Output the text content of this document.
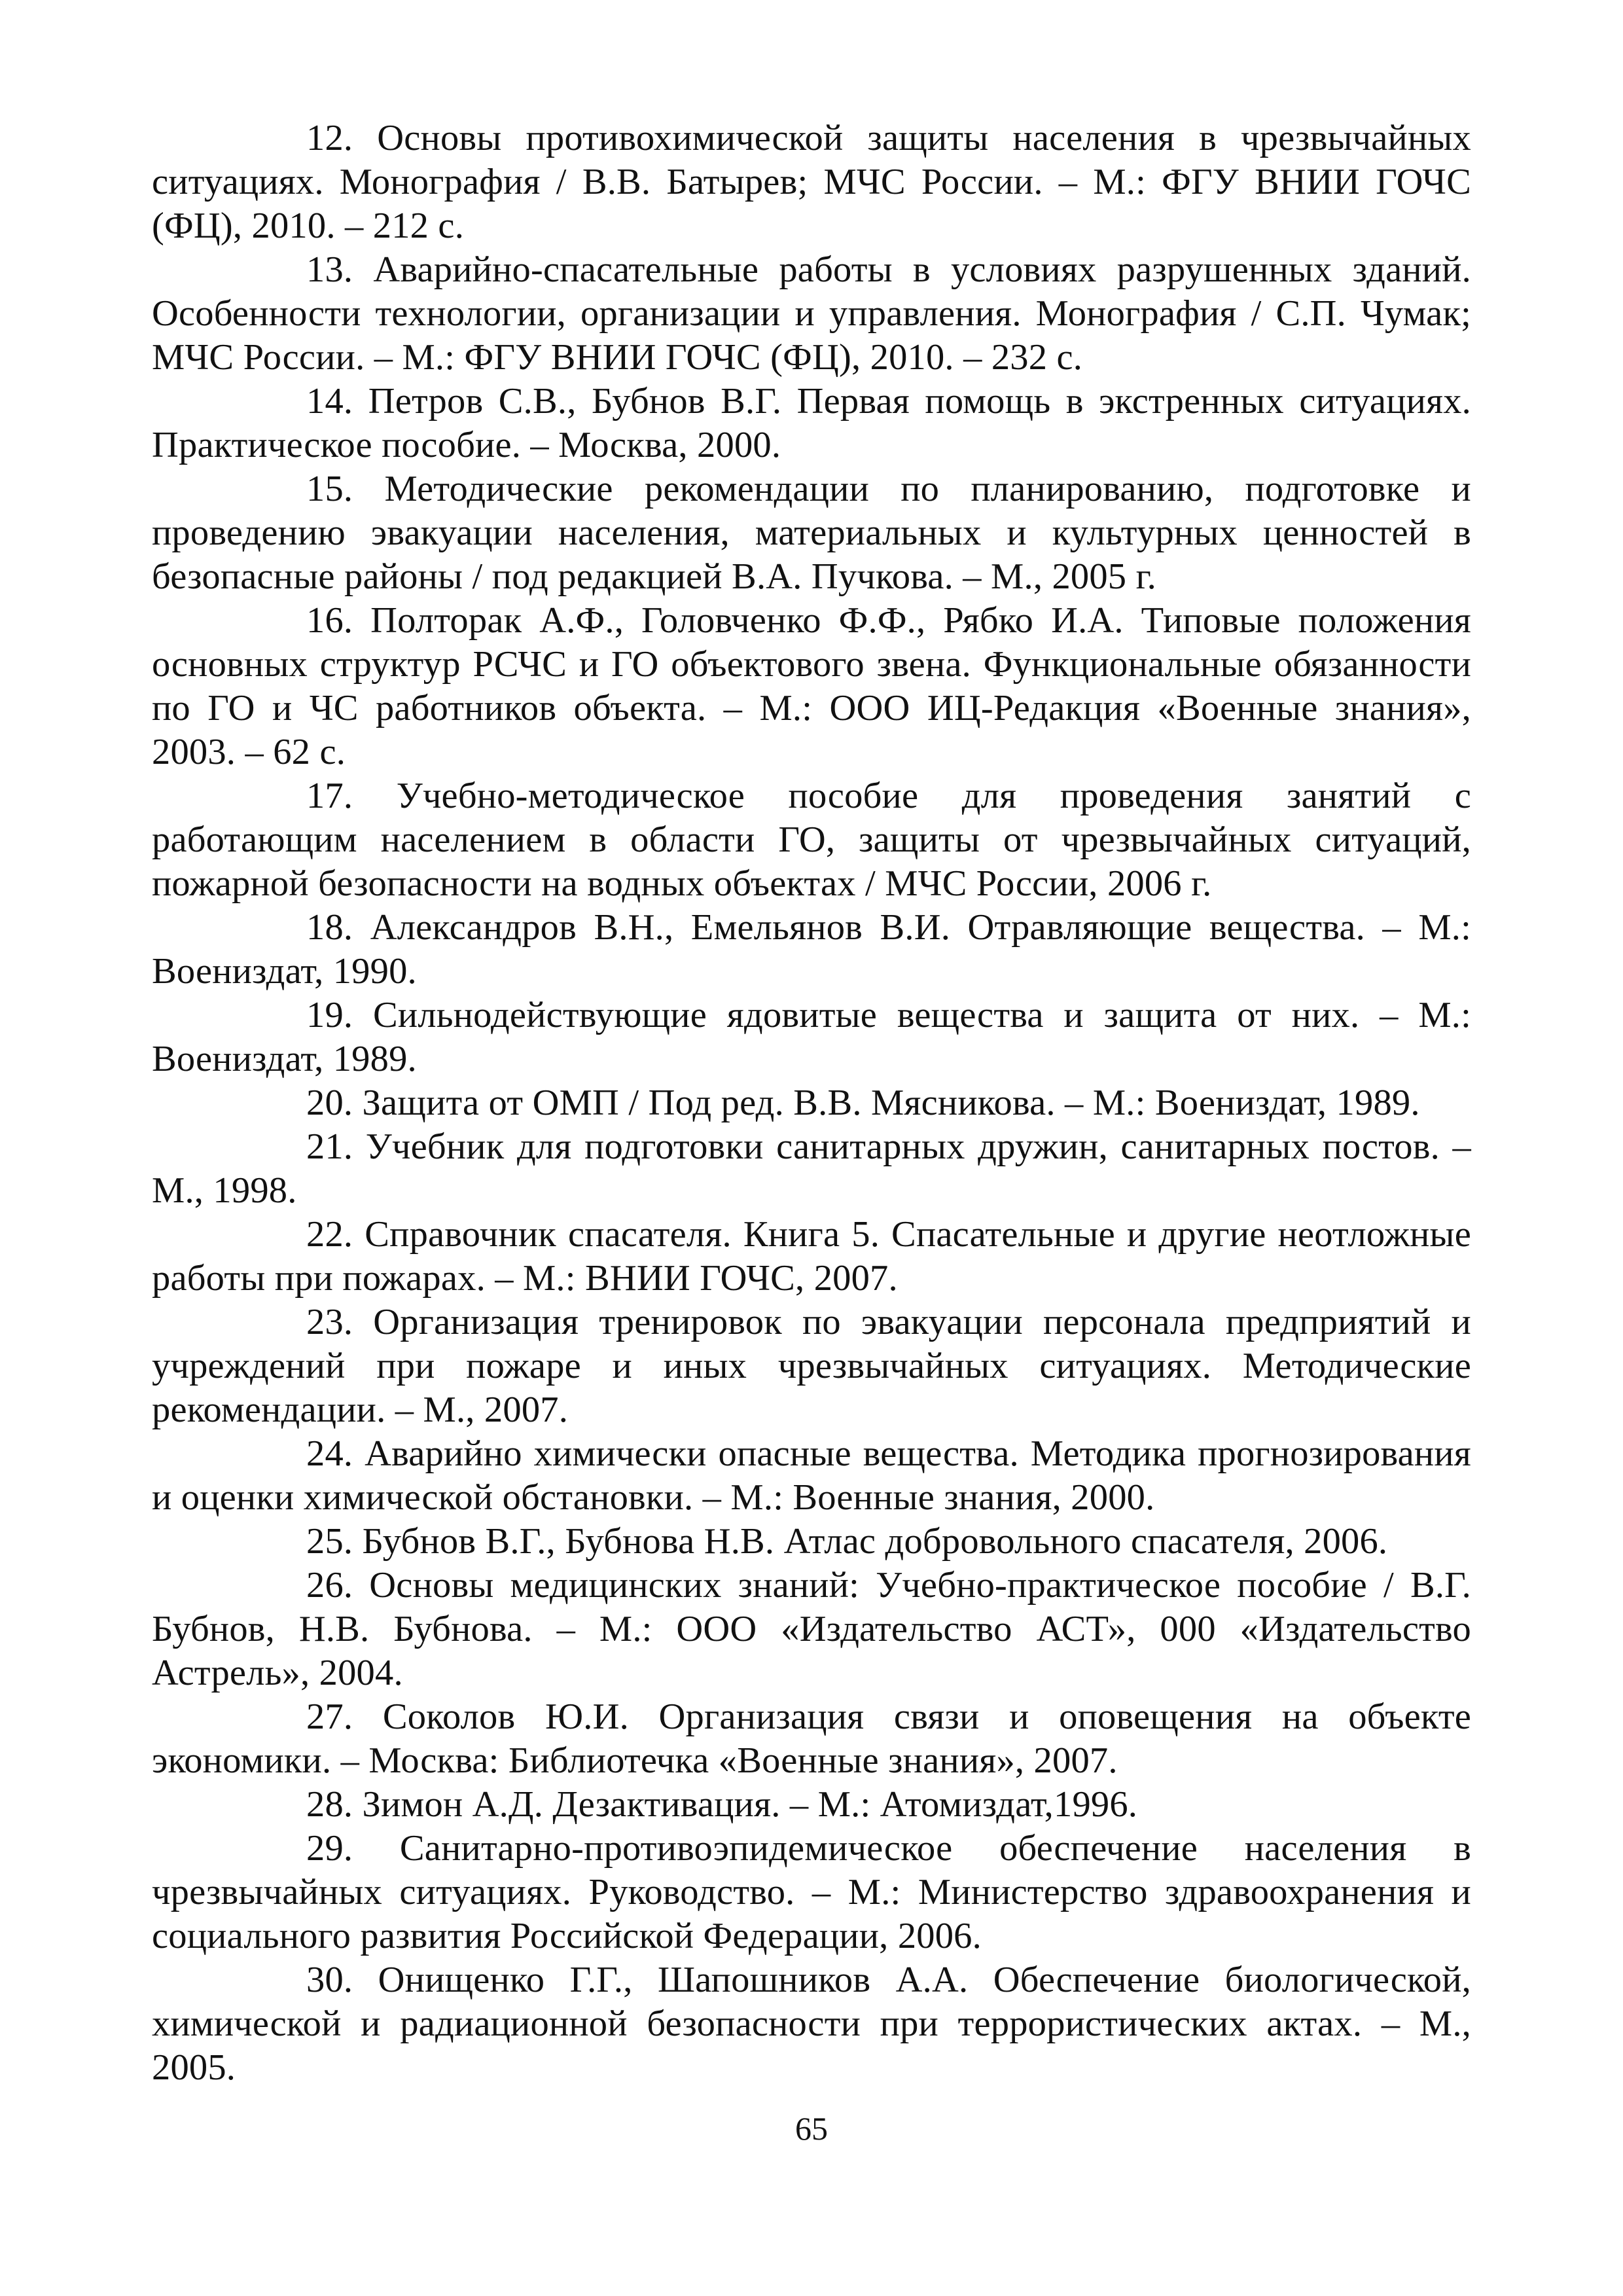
12. Основы противохимической защиты населения в чрезвычайных ситуациях. Монография / В.В. Батырев; МЧС России. – М.: ФГУ ВНИИ ГОЧС (ФЦ), 2010. – 212 с.

13. Аварийно-спасательные работы в условиях разрушенных зданий. Особенности технологии, организации и управления. Монография / С.П. Чумак; МЧС России. – М.: ФГУ ВНИИ ГОЧС (ФЦ), 2010. – 232 с.

14. Петров С.В., Бубнов В.Г. Первая помощь в экстренных ситуациях. Практическое пособие. – Москва, 2000.

15. Методические рекомендации по планированию, подготовке и проведению эвакуации населения, материальных и культурных ценностей в безопасные районы / под редакцией В.А. Пучкова. – М., 2005 г.

16. Полторак А.Ф., Головченко Ф.Ф., Рябко И.А. Типовые положения основных структур РСЧС и ГО объектового звена. Функциональные обязанности по ГО и ЧС работников объекта. – М.: ООО ИЦ-Редакция «Военные знания», 2003. – 62 с.

17. Учебно-методическое пособие для проведения занятий с работающим населением в области ГО, защиты от чрезвычайных ситуаций, пожарной безопасности на водных объектах / МЧС России, 2006 г.

18. Александров В.Н., Емельянов В.И. Отравляющие вещества. – М.: Воениздат, 1990.

19. Сильнодействующие ядовитые вещества и защита от них. – М.: Воениздат, 1989.

20. Защита от ОМП / Под ред. В.В. Мясникова. – М.: Воениздат, 1989.

21. Учебник для подготовки санитарных дружин, санитарных постов. – М., 1998.

22. Справочник спасателя. Книга 5. Спасательные и другие неотложные работы при пожарах. – М.: ВНИИ ГОЧС, 2007.

23. Организация тренировок по эвакуации персонала предприятий и учреждений при пожаре и иных чрезвычайных ситуациях. Методические рекомендации. – М., 2007.

24. Аварийно химически опасные вещества. Методика прогнозирования и оценки химической обстановки. – М.: Военные знания, 2000.

25. Бубнов В.Г., Бубнова Н.В. Атлас добровольного спасателя, 2006.

26. Основы медицинских знаний: Учебно-практическое пособие / В.Г. Бубнов, Н.В. Бубнова. – М.: ООО «Издательство АСТ», 000 «Издательство Астрель», 2004.

27. Соколов Ю.И. Организация связи и оповещения на объекте экономики. – Москва: Библиотечка «Военные знания», 2007.

28. Зимон А.Д. Дезактивация. – М.: Атомиздат,1996.

29. Санитарно-противоэпидемическое обеспечение населения в чрезвычайных ситуациях. Руководство. – М.: Министерство здравоохранения и социального развития Российской Федерации, 2006.

30. Онищенко Г.Г., Шапошников А.А. Обеспечение биологической, химической и радиационной безопасности при террористических актах. – М., 2005.

65
